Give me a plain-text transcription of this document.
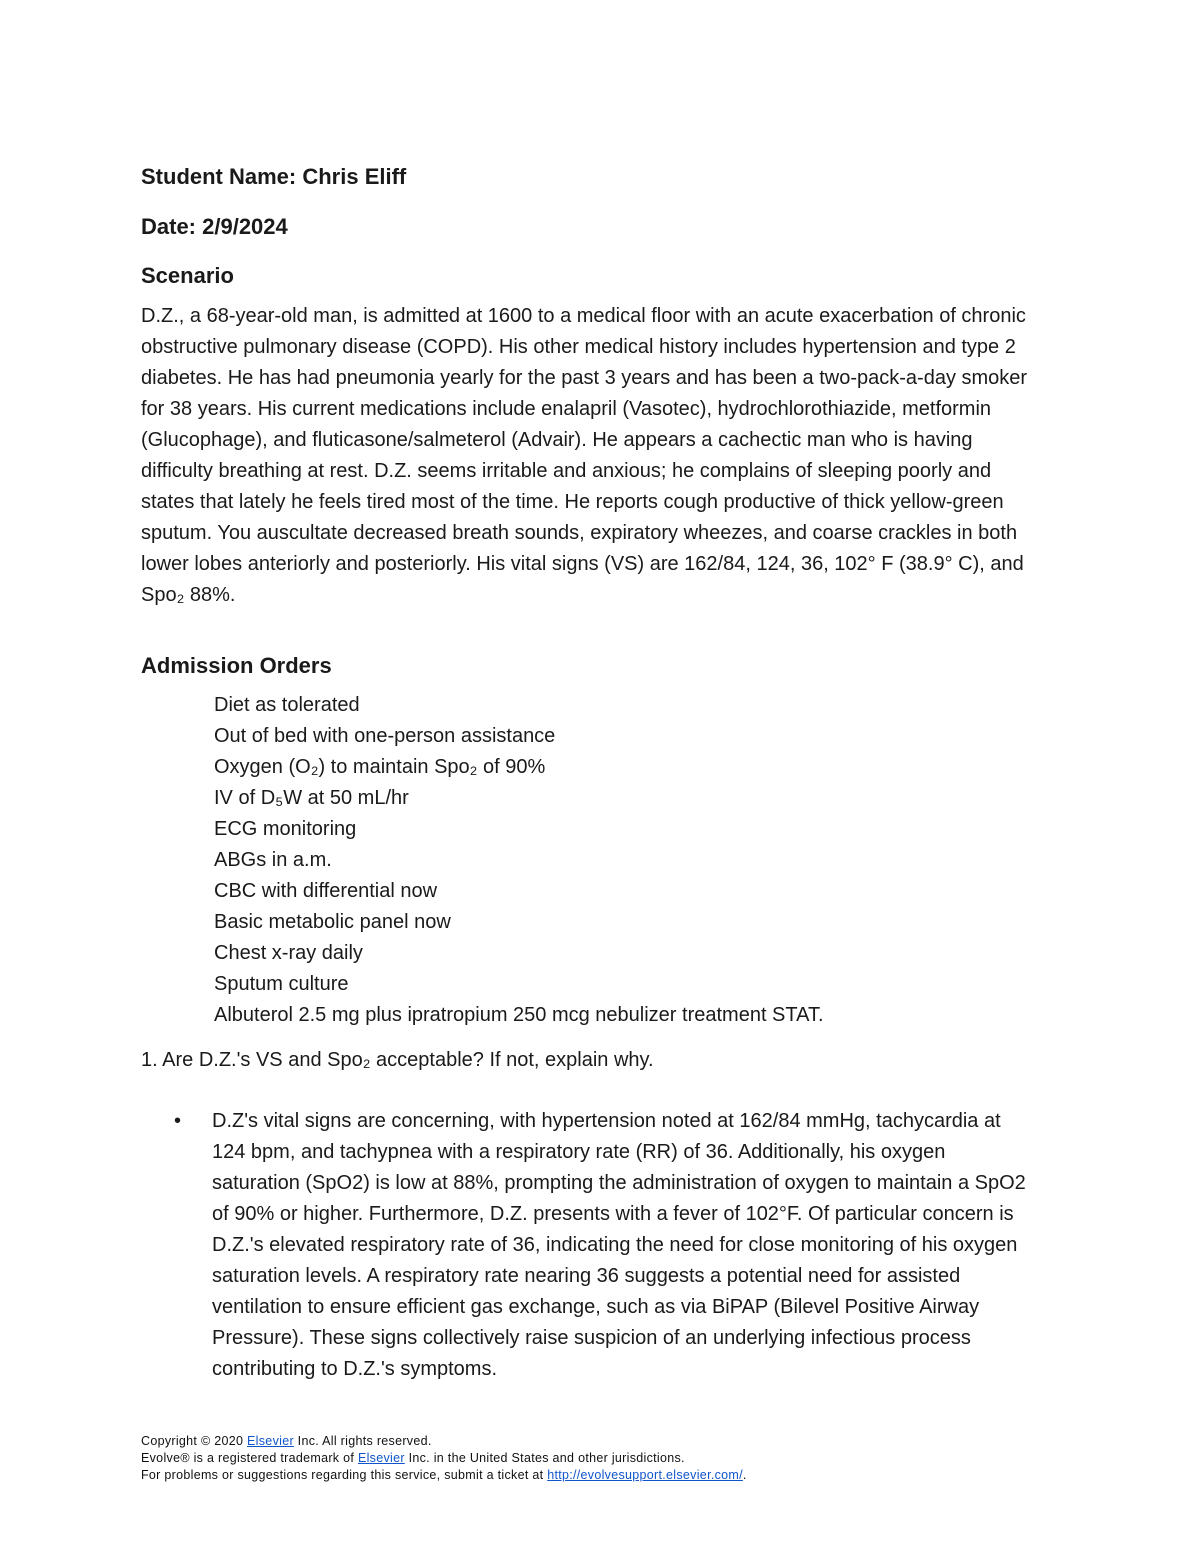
Student Name: Chris Eliff
Date: 2/9/2024
Scenario
D.Z., a 68-year-old man, is admitted at 1600 to a medical floor with an acute exacerbation of chronic
obstructive pulmonary disease (COPD). His other medical history includes hypertension and type 2
diabetes. He has had pneumonia yearly for the past 3 years and has been a two-pack-a-day smoker
for 38 years. His current medications include enalapril (Vasotec), hydrochlorothiazide, metformin
(Glucophage), and fluticasone/salmeterol (Advair). He appears a cachectic man who is having
difficulty breathing at rest. D.Z. seems irritable and anxious; he complains of sleeping poorly and
states that lately he feels tired most of the time. He reports cough productive of thick yellow-green
sputum. You auscultate decreased breath sounds, expiratory wheezes, and coarse crackles in both
lower lobes anteriorly and posteriorly. His vital signs (VS) are 162/84, 124, 36, 102° F (38.9° C), and
Spo₂ 88%.
Admission Orders
Diet as tolerated
Out of bed with one-person assistance
Oxygen (O₂) to maintain Spo₂ of 90%
IV of D₅W at 50 mL/hr
ECG monitoring
ABGs in a.m.
CBC with differential now
Basic metabolic panel now
Chest x-ray daily
Sputum culture
Albuterol 2.5 mg plus ipratropium 250 mcg nebulizer treatment STAT.
1. Are D.Z.'s VS and Spo₂ acceptable? If not, explain why.
• D.Z's vital signs are concerning, with hypertension noted at 162/84 mmHg, tachycardia at
124 bpm, and tachypnea with a respiratory rate (RR) of 36. Additionally, his oxygen
saturation (SpO2) is low at 88%, prompting the administration of oxygen to maintain a SpO2
of 90% or higher. Furthermore, D.Z. presents with a fever of 102°F. Of particular concern is
D.Z.'s elevated respiratory rate of 36, indicating the need for close monitoring of his oxygen
saturation levels. A respiratory rate nearing 36 suggests a potential need for assisted
ventilation to ensure efficient gas exchange, such as via BiPAP (Bilevel Positive Airway
Pressure). These signs collectively raise suspicion of an underlying infectious process
contributing to D.Z.'s symptoms.
Copyright © 2020 Elsevier Inc. All rights reserved.
Evolve® is a registered trademark of Elsevier Inc. in the United States and other jurisdictions.
For problems or suggestions regarding this service, submit a ticket at http://evolvesupport.elsevier.com/.
